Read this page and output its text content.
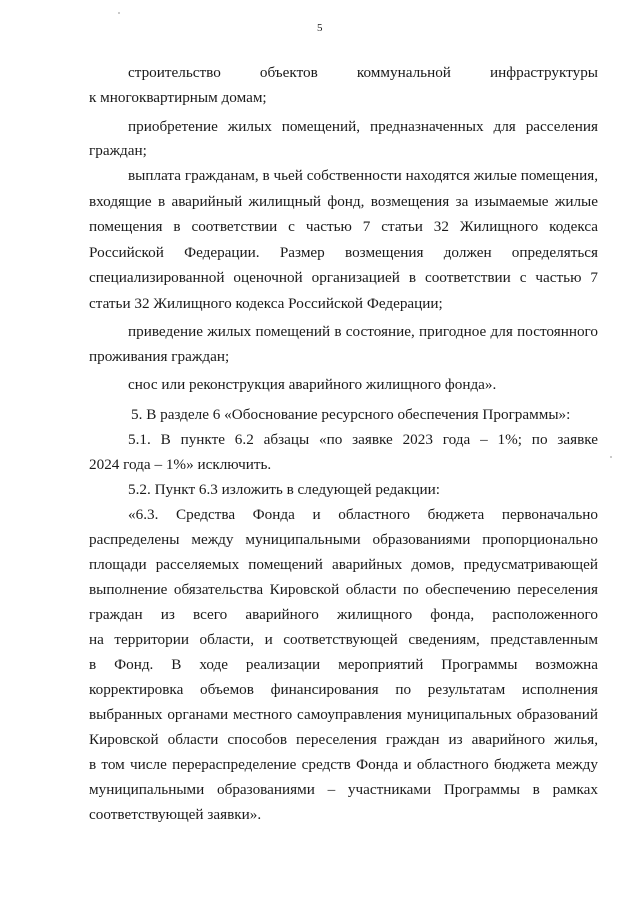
5
строительство объектов коммунальной инфраструктуры
к многоквартирным домам;
приобретение жилых помещений, предназначенных для расселения
граждан;
выплата гражданам, в чьей собственности находятся жилые помещения,
входящие в аварийный жилищный фонд, возмещения за изымаемые жилые
помещения в соответствии с частью 7 статьи 32 Жилищного кодекса
Российской Федерации. Размер возмещения должен определяться
специализированной оценочной организацией в соответствии с частью 7
статьи 32 Жилищного кодекса Российской Федерации;
приведение жилых помещений в состояние, пригодное для постоянного
проживания граждан;
снос или реконструкция аварийного жилищного фонда».
5. В разделе 6 «Обоснование ресурсного обеспечения Программы»:
5.1. В пункте 6.2 абзацы «по заявке 2023 года – 1%; по заявке
2024 года – 1%» исключить.
5.2. Пункт 6.3 изложить в следующей редакции:
«6.3. Средства Фонда и областного бюджета первоначально
распределены между муниципальными образованиями пропорционально
площади расселяемых помещений аварийных домов, предусматривающей
выполнение обязательства Кировской области по обеспечению переселения
граждан из всего аварийного жилищного фонда, расположенного
на территории области, и соответствующей сведениям, представленным
в Фонд. В ходе реализации мероприятий Программы возможна
корректировка объемов финансирования по результатам исполнения
выбранных органами местного самоуправления муниципальных образований
Кировской области способов переселения граждан из аварийного жилья,
в том числе перераспределение средств Фонда и областного бюджета между
муниципальными образованиями – участниками Программы в рамках
соответствующей заявки».
